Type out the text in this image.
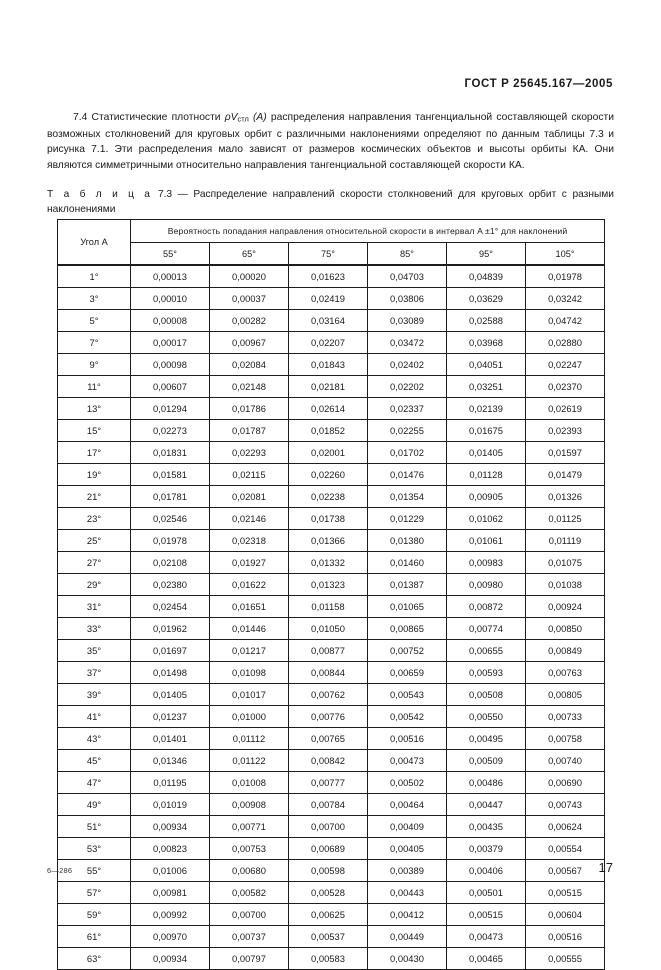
ГОСТ Р 25645.167—2005

7.4 Статистические плотности $\rho V_{стл}$ (A) распределения направления тангенциальной составляющей скорости возможных столкновений для круговых орбит с различными наклонениями определяют по данным таблицы 7.3 и рисунка 7.1. Эти распределения мало зависят от размеров космических объектов и высоты орбиты КА. Они являются симметричными относительно направления тангенциальной составляющей скорости КА.

Т а б л и ц а 7.3 — Распределение направлений скорости столкновений для круговых орбит с разными наклонениями
Угол A	Вероятность попадания направления относительной скорости в интервал A ±1° для наклонений					
	55°	65°	75°	85°	95°	105°
1°	0,00013	0,00020	0,01623	0,04703	0,04839	0,01978
3°	0,00010	0,00037	0,02419	0,03806	0,03629	0,03242
5°	0,00008	0,00282	0,03164	0,03089	0,02588	0,04742
7°	0,00017	0,00967	0,02207	0,03472	0,03968	0,02880
9°	0,00098	0,02084	0,01843	0,02402	0,04051	0,02247
11°	0,00607	0,02148	0,02181	0,02202	0,03251	0,02370
13°	0,01294	0,01786	0,02614	0,02337	0,02139	0,02619
15°	0,02273	0,01787	0,01852	0,02255	0,01675	0,02393
17°	0,01831	0,02293	0,02001	0,01702	0,01405	0,01597
19°	0,01581	0,02115	0,02260	0,01476	0,01128	0,01479
21°	0,01781	0,02081	0,02238	0,01354	0,00905	0,01326
23°	0,02546	0,02146	0,01738	0,01229	0,01062	0,01125
25°	0,01978	0,02318	0,01366	0,01380	0,01061	0,01119
27°	0,02108	0,01927	0,01332	0,01460	0,00983	0,01075
29°	0,02380	0,01622	0,01323	0,01387	0,00980	0,01038
31°	0,02454	0,01651	0,01158	0,01065	0,00872	0,00924
33°	0,01962	0,01446	0,01050	0,00865	0,00774	0,00850
35°	0,01697	0,01217	0,00877	0,00752	0,00655	0,00849
37°	0,01498	0,01098	0,00844	0,00659	0,00593	0,00763
39°	0,01405	0,01017	0,00762	0,00543	0,00508	0,00805
41°	0,01237	0,01000	0,00776	0,00542	0,00550	0,00733
43°	0,01401	0,01112	0,00765	0,00516	0,00495	0,00758
45°	0,01346	0,01122	0,00842	0,00473	0,00509	0,00740
47°	0,01195	0,01008	0,00777	0,00502	0,00486	0,00690
49°	0,01019	0,00908	0,00784	0,00464	0,00447	0,00743
51°	0,00934	0,00771	0,00700	0,00409	0,00435	0,00624
53°	0,00823	0,00753	0,00689	0,00405	0,00379	0,00554
55°	0,01006	0,00680	0,00598	0,00389	0,00406	0,00567
57°	0,00981	0,00582	0,00528	0,00443	0,00501	0,00515
59°	0,00992	0,00700	0,00625	0,00412	0,00515	0,00604
61°	0,00970	0,00737	0,00537	0,00449	0,00473	0,00516
63°	0,00934	0,00797	0,00583	0,00430	0,00465	0,00555
6—286	17
